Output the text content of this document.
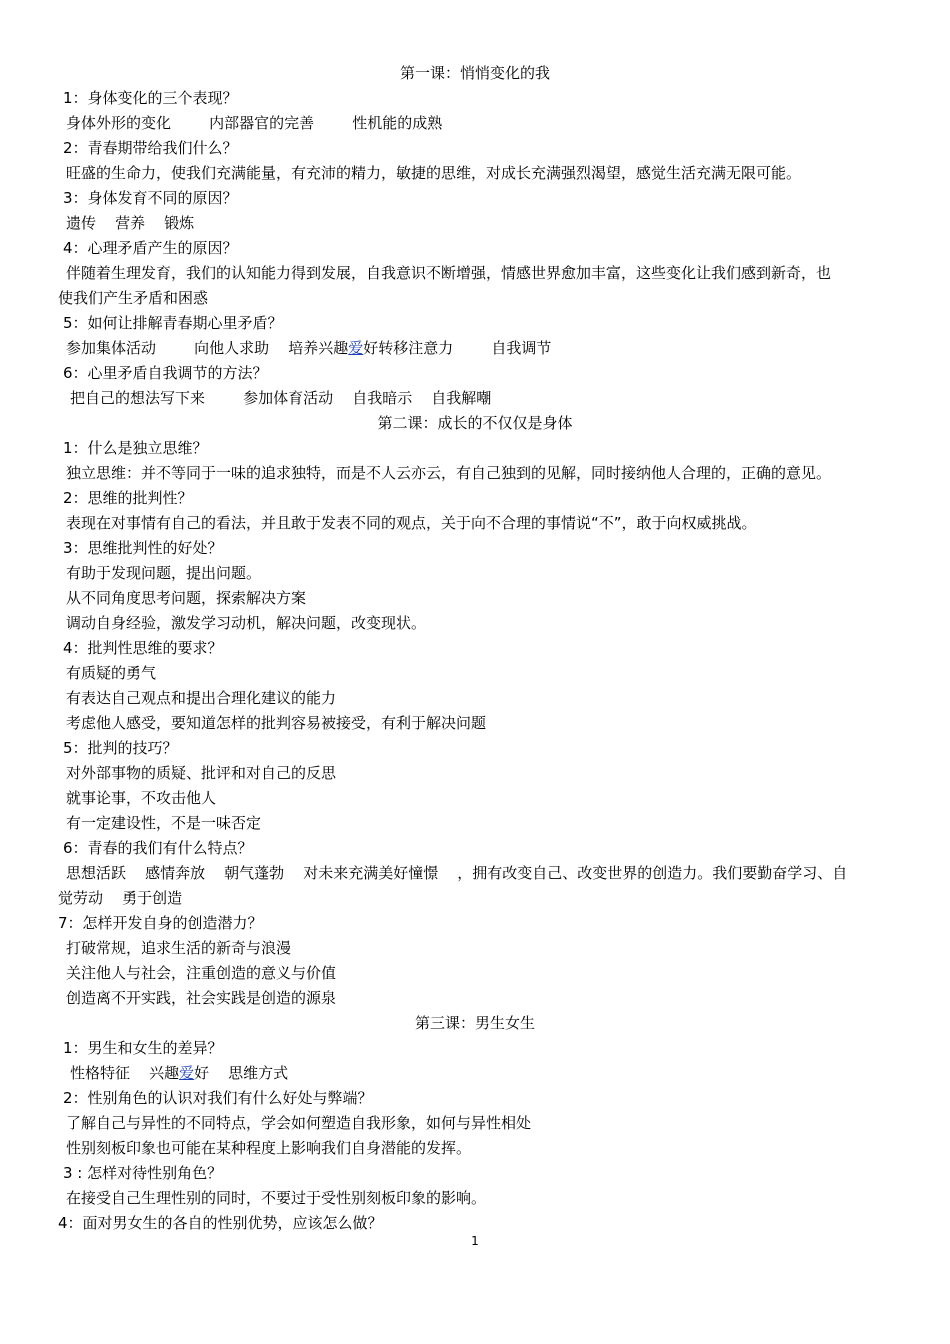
第一课：悄悄变化的我
1：身体变化的三个表现？
身体外形的变化        内部器官的完善        性机能的成熟
2：青春期带给我们什么？
旺盛的生命力，使我们充满能量，有充沛的精力，敏捷的思维，对成长充满强烈渴望，感觉生活充满无限可能。
3：身体发育不同的原因？
遗传    营养    锻炼
4：心理矛盾产生的原因？
伴随着生理发育，我们的认知能力得到发展，自我意识不断增强，情感世界愈加丰富，这些变化让我们感到新奇，也
使我们产生矛盾和困惑
5：如何让排解青春期心里矛盾？
参加集体活动        向他人求助    培养兴趣爱好转移注意力        自我调节
6：心里矛盾自我调节的方法？
把自己的想法写下来        参加体育活动    自我暗示    自我解嘲
第二课：成长的不仅仅是身体
1：什么是独立思维？
独立思维：并不等同于一味的追求独特，而是不人云亦云，有自己独到的见解，同时接纳他人合理的，正确的意见。
2：思维的批判性？
表现在对事情有自己的看法，并且敢于发表不同的观点，关于向不合理的事情说“不”，敢于向权威挑战。
3：思维批判性的好处？
有助于发现问题，提出问题。
从不同角度思考问题，探索解决方案
调动自身经验，激发学习动机，解决问题，改变现状。
4：批判性思维的要求？
有质疑的勇气
有表达自己观点和提出合理化建议的能力
考虑他人感受，要知道怎样的批判容易被接受，有利于解决问题
5：批判的技巧？
对外部事物的质疑、批评和对自己的反思
就事论事，不攻击他人
有一定建设性，不是一味否定
6：青春的我们有什么特点？
思想活跃    感情奔放    朝气蓬勃    对未来充满美好憧憬    ，拥有改变自己、改变世界的创造力。我们要勤奋学习、自
觉劳动    勇于创造
7：怎样开发自身的创造潜力？
打破常规，追求生活的新奇与浪漫
关注他人与社会，注重创造的意义与价值
创造离不开实践，社会实践是创造的源泉
第三课：男生女生
1：男生和女生的差异？
性格特征    兴趣爱好    思维方式
2：性别角色的认识对我们有什么好处与弊端？
了解自己与异性的不同特点，学会如何塑造自我形象，如何与异性相处
性别刻板印象也可能在某种程度上影响我们自身潜能的发挥。
3 : 怎样对待性别角色？
在接受自己生理性别的同时，不要过于受性别刻板印象的影响。
4：面对男女生的各自的性别优势，应该怎么做？
1
